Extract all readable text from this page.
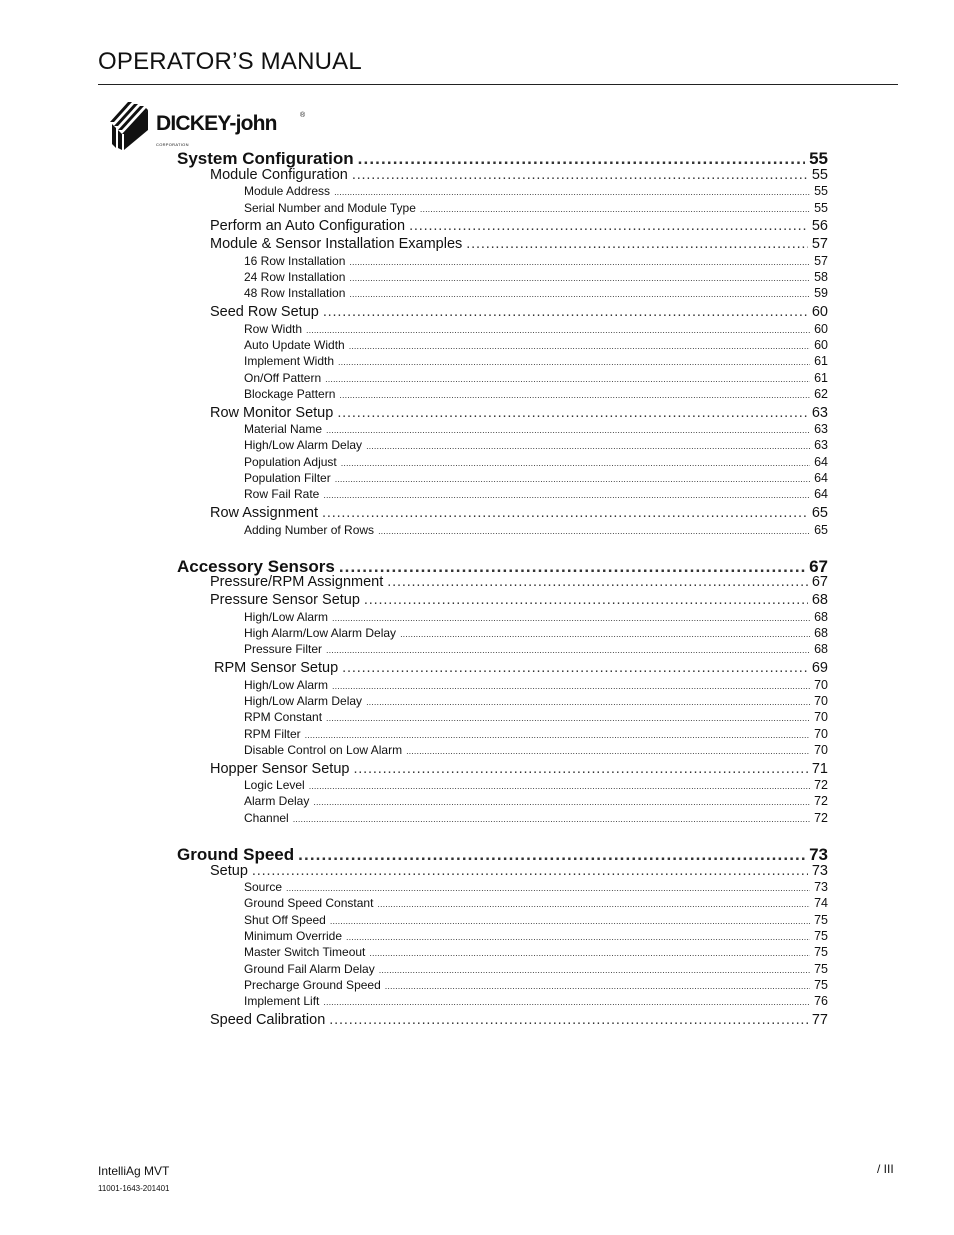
OPERATOR’S MANUAL
DICKEY-john	®
CORPORATION
System Configuration . . .	55
Module Configuration . . .	55
Module Address . . .	55
Serial Number and Module Type . . .	55
Perform an Auto Configuration . . .	56
Module & Sensor Installation Examples . . .	57
16 Row Installation . . .	57
24 Row Installation . . .	58
48 Row Installation . . .	59
Seed Row Setup . . .	60
Row Width . . .	60
Auto Update Width . . .	60
Implement Width . . .	61
On/Off Pattern . . .	61
Blockage Pattern . . .	62
Row Monitor Setup . . .	63
Material Name . . .	63
High/Low Alarm Delay . . .	63
Population Adjust . . .	64
Population Filter . . .	64
Row Fail Rate . . .	64
Row Assignment . . .	65
Adding Number of Rows . . .	65
Accessory Sensors . . .	67
Pressure/RPM Assignment . . .	67
Pressure Sensor Setup . . .	68
High/Low Alarm . . .	68
High Alarm/Low Alarm Delay . . .	68
Pressure Filter . . .	68
RPM Sensor Setup . . .	69
High/Low Alarm . . .	70
High/Low Alarm Delay . . .	70
RPM Constant . . .	70
RPM Filter . . .	70
Disable Control on Low Alarm . . .	70
Hopper Sensor Setup . . .	71
Logic Level . . .	72
Alarm Delay . . .	72
Channel . . .	72
Ground Speed . . .	73
Setup . . .	73
Source . . .	73
Ground Speed Constant . . .	74
Shut Off Speed . . .	75
Minimum Override . . .	75
Master Switch Timeout . . .	75
Ground Fail Alarm Delay . . .	75
Precharge Ground Speed . . .	75
Implement Lift . . .	76
Speed Calibration . . .	77
IntelliAg MVT
11001-1643-201401
/ III
